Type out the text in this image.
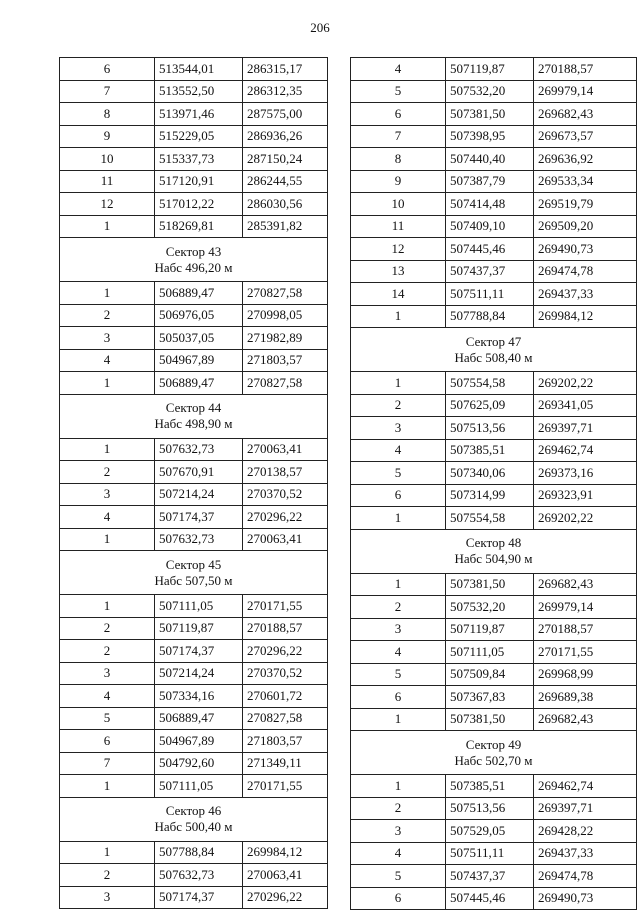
206
6	513544,01	286315,17
7	513552,50	286312,35
8	513971,46	287575,00
9	515229,05	286936,26
10	515337,73	287150,24
11	517120,91	286244,55
12	517012,22	286030,56
1	518269,81	285391,82

Сектор 43
Набс 496,20 м		

1	506889,47	270827,58
2	506976,05	270998,05
3	505037,05	271982,89
4	504967,89	271803,57
1	506889,47	270827,58

Сектор 44
Набс 498,90 м		

1	507632,73	270063,41
2	507670,91	270138,57
3	507214,24	270370,52
4	507174,37	270296,22
1	507632,73	270063,41

Сектор 45
Набс 507,50 м		

1	507111,05	270171,55
2	507119,87	270188,57
2	507174,37	270296,22
3	507214,24	270370,52
4	507334,16	270601,72
5	506889,47	270827,58
6	504967,89	271803,57
7	504792,60	271349,11
1	507111,05	270171,55

Сектор 46
Набс 500,40 м		

1	507788,84	269984,12
2	507632,73	270063,41
3	507174,37	270296,22
4	507119,87	270188,57
5	507532,20	269979,14
6	507381,50	269682,43
7	507398,95	269673,57
8	507440,40	269636,92
9	507387,79	269533,34
10	507414,48	269519,79
11	507409,10	269509,20
12	507445,46	269490,73
13	507437,37	269474,78
14	507511,11	269437,33
1	507788,84	269984,12

Сектор 47
Набс 508,40 м		

1	507554,58	269202,22
2	507625,09	269341,05
3	507513,56	269397,71
4	507385,51	269462,74
5	507340,06	269373,16
6	507314,99	269323,91
1	507554,58	269202,22

Сектор 48
Набс 504,90 м		

1	507381,50	269682,43
2	507532,20	269979,14
3	507119,87	270188,57
4	507111,05	270171,55
5	507509,84	269968,99
6	507367,83	269689,38
1	507381,50	269682,43

Сектор 49
Набс 502,70 м		

1	507385,51	269462,74
2	507513,56	269397,71
3	507529,05	269428,22
4	507511,11	269437,33
5	507437,37	269474,78
6	507445,46	269490,73
